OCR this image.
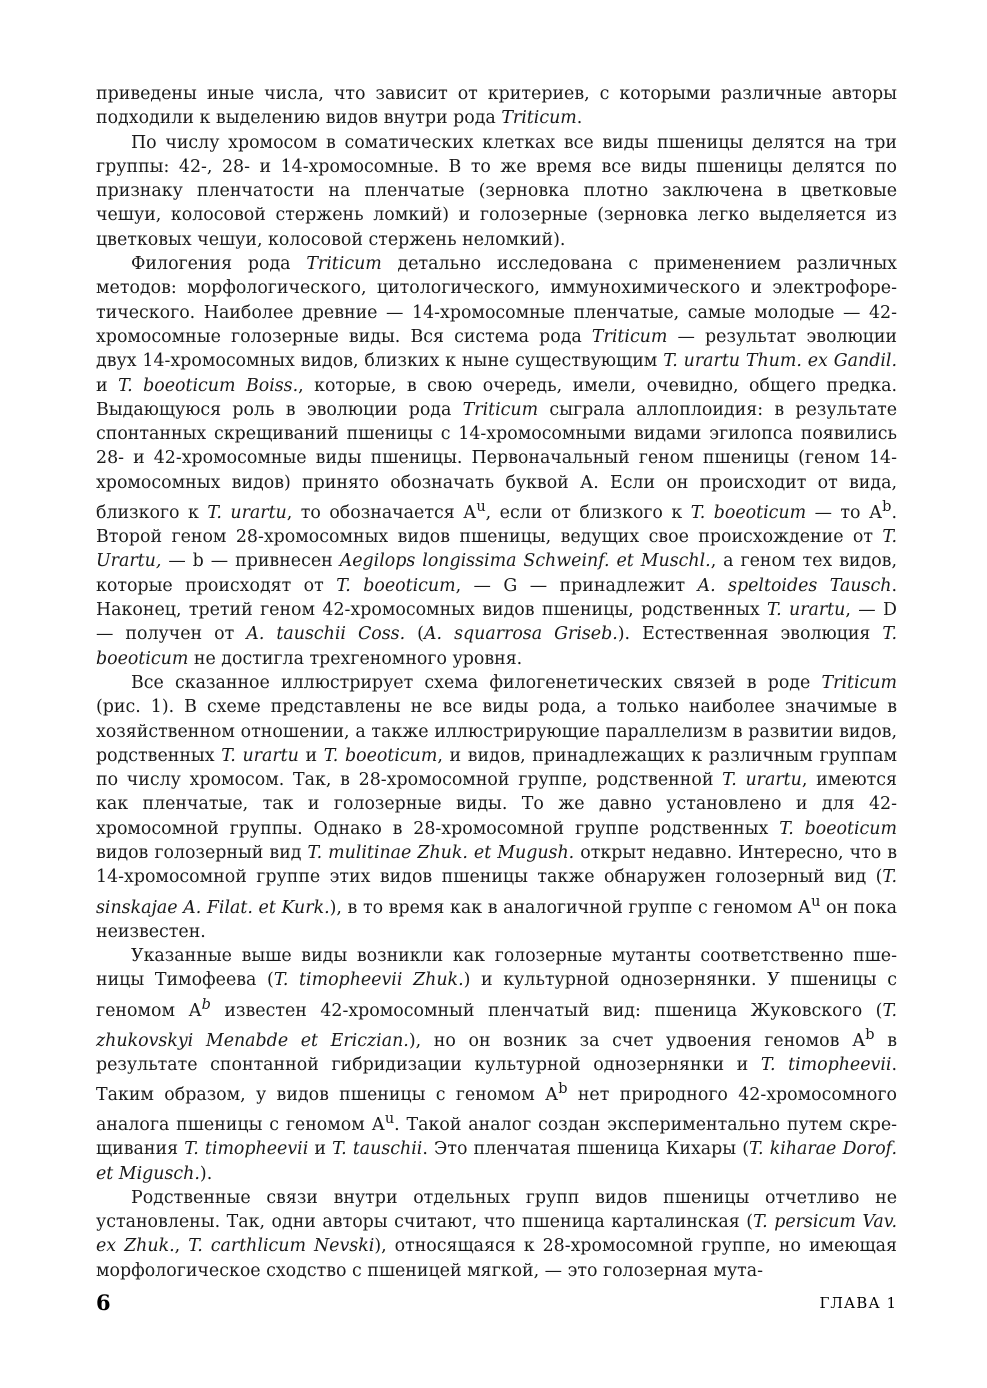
приведены иные числа, что зависит от критериев, с которыми различные авторы подходили к выделению видов внутри рода Triticum.

По числу хромосом в соматических клетках все виды пшеницы делятся на три группы: 42-, 28- и 14-хромосомные. В то же время все виды пшеницы делятся по признаку пленчатости на пленчатые (зерновка плотно заключена в цветковые чешуи, колосовой стержень ломкий) и голозерные (зерновка легко выделяется из цветковых чешуи, колосовой стержень неломкий).

Филогения рода Triticum детально исследована с применением различных методов: морфологического, цитологического, иммунохимического и электрофоретического. Наиболее древние — 14-хромосомные пленчатые, самые молодые — 42-хромосомные голозерные виды. Вся система рода Triticum — результат эволюции двух 14-хромосомных видов, близких к ныне существующим T. urartu Thum. ex Gandil. и T. boeoticum Boiss., которые, в свою очередь, имели, очевидно, общего предка. Выдающуюся роль в эволюции рода Triticum сыграла аллоплоидия: в результате спонтанных скрещиваний пшеницы с 14-хромосомными видами эгилопса появились 28- и 42-хромосомные виды пшеницы. Первоначальный геном пшеницы (геном 14-хромосомных видов) принято обозначать буквой А. Если он происходит от вида, близкого к T. urartu, то обозначается $А^u$, если от близкого к T. boeoticum — то $А^b$. Второй геном 28-хромосомных видов пшеницы, ведущих свое происхождение от T. Urartu, — b — привнесен Aegilops longissima Schweinf. et Muschl., а геном тех видов, которые происходят от T. boeoticum, — G — принадлежит A. speltoides Tausch. Наконец, третий геном 42-хромосомных видов пшеницы, родственных T. urartu, — D — получен от A. tauschii Coss. (A. squarrosa Griseb.). Естественная эволюция T. boeoticum не достигла трехгеномного уровня.

Все сказанное иллюстрирует схема филогенетических связей в роде Triticum (рис. 1). В схеме представлены не все виды рода, а только наиболее значимые в хозяйственном отношении, а также иллюстрирующие параллелизм в развитии видов, родственных T. urartu и T. boeoticum, и видов, принадлежащих к различным группам по числу хромосом. Так, в 28-хромосомной группе, родственной T. urartu, имеются как пленчатые, так и голозерные виды. То же давно установлено и для 42-хромосомной группы. Однако в 28-хромосомной группе родственных T. boeoticum видов голозерный вид T. mulitinae Zhuk. et Mugush. открыт недавно. Интересно, что в 14-хромосомной группе этих видов пшеницы также обнаружен голозерный вид (T. sinskajae A. Filat. et Kurk.), в то время как в аналогичной группе с геномом $А^u$ он пока неизвестен.

Указанные выше виды возникли как голозерные мутанты соответственно пшеницы Тимофеева (T. timopheevii Zhuk.) и культурной однозернянки. У пшеницы с геномом $А^b$ известен 42-хромосомный пленчатый вид: пшеница Жуковского (T. zhukovskyi Menabde et Ericzian.), но он возник за счет удвоения геномов $А^b$ в результате спонтанной гибридизации культурной однозернянки и T. timopheevii. Таким образом, у видов пшеницы с геномом $А^b$ нет природного 42-хромосомного аналога пшеницы с геномом $А^u$. Такой аналог создан экспериментально путем скрещивания T. timopheevii и T. tauschii. Это пленчатая пшеница Кихары (T. kiharae Dorof. et Migusch.).

Родственные связи внутри отдельных групп видов пшеницы отчетливо не установлены. Так, одни авторы считают, что пшеница карталинская (T. persicum Vav. ex Zhuk., T. carthlicum Nevski), относящаяся к 28-хромосомной группе, но имеющая морфологическое сходство с пшеницей мягкой, — это голозерная мута-

6	ГЛАВА 1
